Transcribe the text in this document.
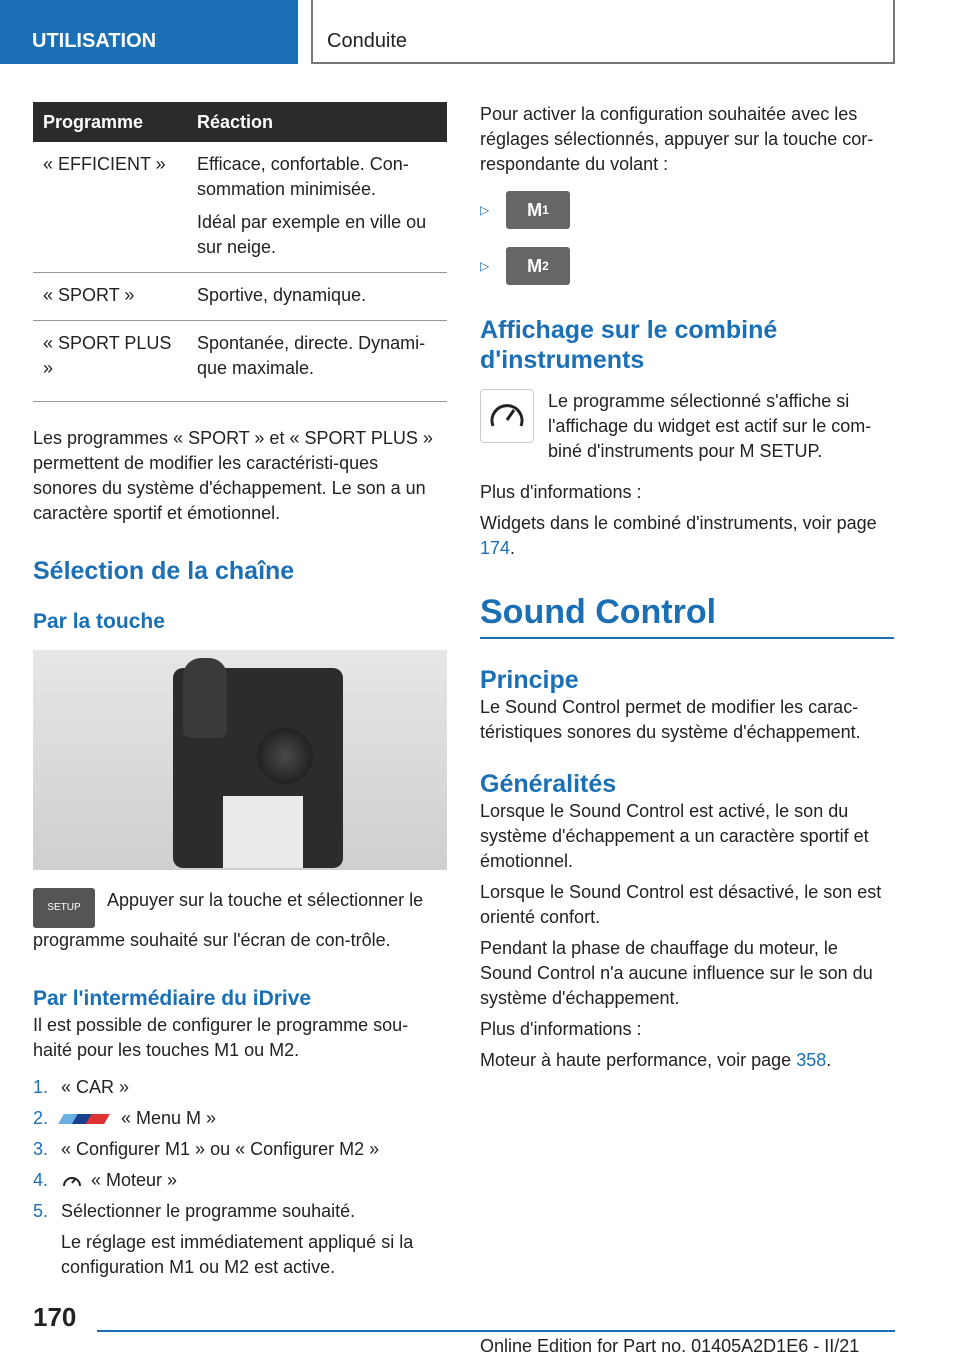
UTILISATION	Conduite
Programme	Réaction
« EFFICIENT »	Efficace, confortable. Con- sommation minimisée.
Idéal par exemple en ville ou sur neige.

« SPORT »	Sportive, dynamique.
« SPORT PLUS »	Spontanée, directe. Dynami-que maximale.

Les programmes « SPORT » et « SPORT PLUS » permettent de modifier les caractéristi-ques sonores du système d'échappement. Le son a un caractère sportif et émotionnel.

Sélection de la chaîne
Par la touche
SETUP Appuyer sur la touche et sélectionner le programme souhaité sur l'écran de con-trôle.
Par l'intermédiaire du iDrive

Il est possible de configurer le programme sou-haité pour les touches M1 ou M2.

1. « CAR »
2.	« Menu M »
3. « Configurer M1 » ou « Configurer M2 »
4. « Moteur »
5. Sélectionner le programme souhaité.
Le réglage est immédiatement appliqué si la configuration M1 ou M2 est active.

Pour activer la configuration souhaitée avec les réglages sélectionnés, appuyer sur la touche cor-respondante du volant :

▷ M 1
▷ M 2
Affichage sur le combiné d'instruments

Le programme sélectionné s'affiche si l'affichage du widget est actif sur le com-biné d'instruments pour M SETUP.

Plus d'informations :

Widgets dans le combiné d'instruments, voir page 174.

Sound Control
Principe

Le Sound Control permet de modifier les carac-téristiques sonores du système d'échappement.

Généralités

Lorsque le Sound Control est activé, le son du système d'échappement a un caractère sportif et émotionnel.

Lorsque le Sound Control est désactivé, le son est orienté confort.

Pendant la phase de chauffage du moteur, le Sound Control n'a aucune influence sur le son du système d'échappement.

Plus d'informations :

Moteur à haute performance, voir page 358.

170
Online Edition for Part no. 01405A2D1E6 - II/21
